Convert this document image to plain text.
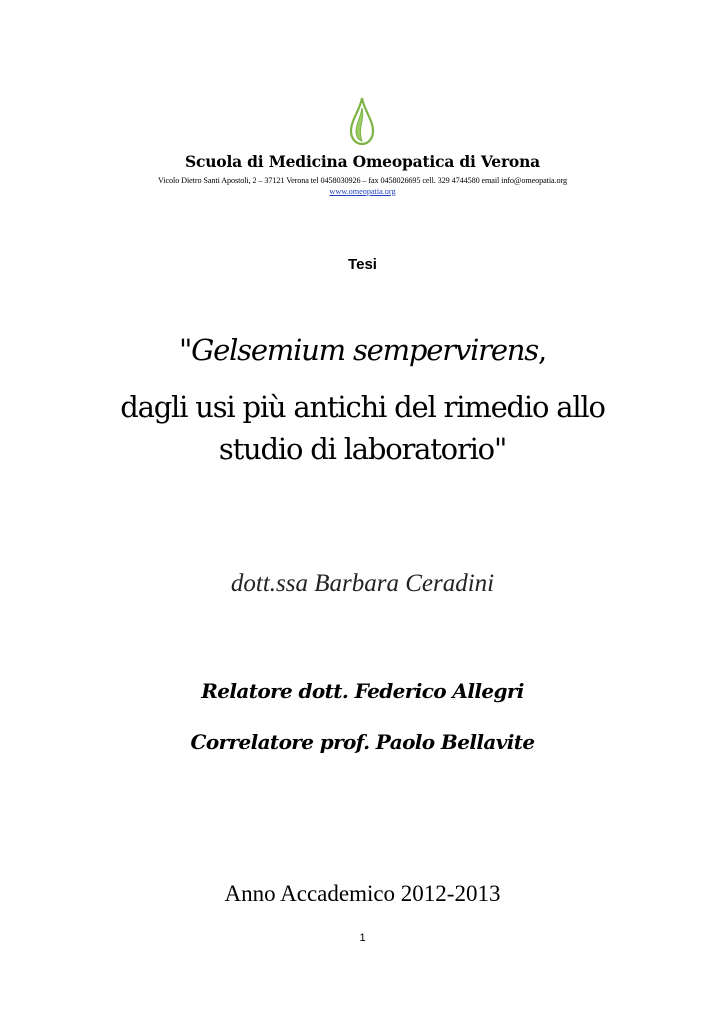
Scuola di Medicina Omeopatica di Verona
Vicolo Dietro Santi Apostoli, 2 – 37121 Verona tel 0458030926 – fax 0458026695 cell. 329 4744580 email info@omeopatia.org
www.omeopatia.org
Tesi
"Gelsemium sempervirens,
dagli usi più antichi del rimedio allo
studio di laboratorio"
dott.ssa Barbara Ceradini
Relatore dott. Federico Allegri
Correlatore prof. Paolo Bellavite
Anno Accademico 2012-2013
1
